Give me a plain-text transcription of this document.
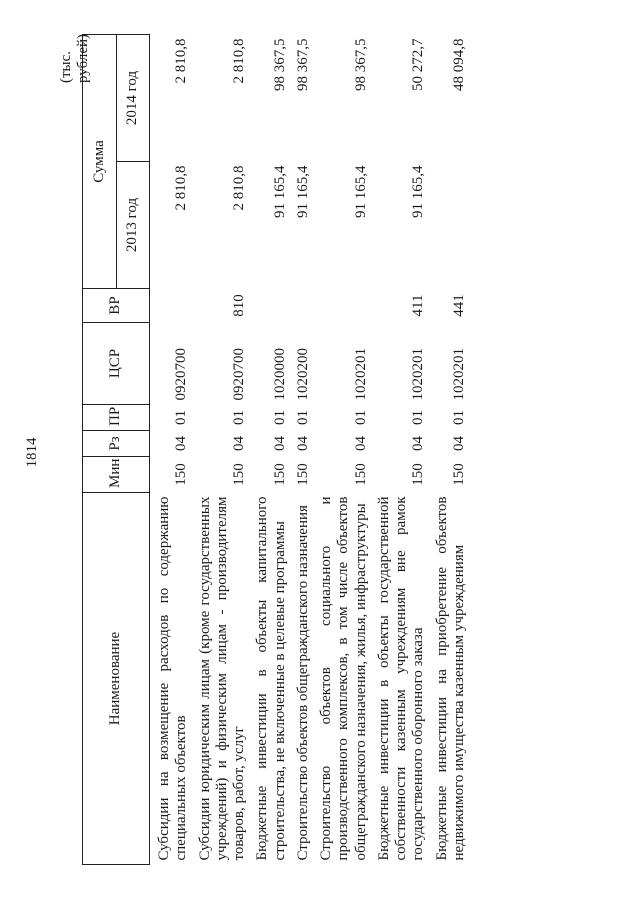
1814
(тыс. рублей)
Наименование	Мин	Рз	ПР	ЦСР	ВР	Сумма	
						2013 год	2014 год
Субсидии на возмещение расходов по содержанию специальных объектов	150	04	01	0920700		2 810,8	2 810,8
Субсидии юридическим лицам (кроме государственных учреждений) и физическим лицам - производителям товаров, работ, услуг	150	04	01	0920700	810	2 810,8	2 810,8
Бюджетные инвестиции в объекты капитального строительства, не включенные в целевые программы	150	04	01	1020000		91 165,4	98 367,5
Строительство объектов общегражданского назначения	150	04	01	1020200		91 165,4	98 367,5
Строительство объектов социального и производственного комплексов, в том числе объектов общегражданского назначения, жилья, инфраструктуры	150	04	01	1020201		91 165,4	98 367,5
Бюджетные инвестиции в объекты государственной собственности казенным учреждениям вне рамок государственного оборонного заказа	150	04	01	1020201	411	91 165,4	50 272,7
Бюджетные инвестиции на приобретение объектов недвижимого имущества казенным учреждениям	150	04	01	1020201	441		48 094,8
